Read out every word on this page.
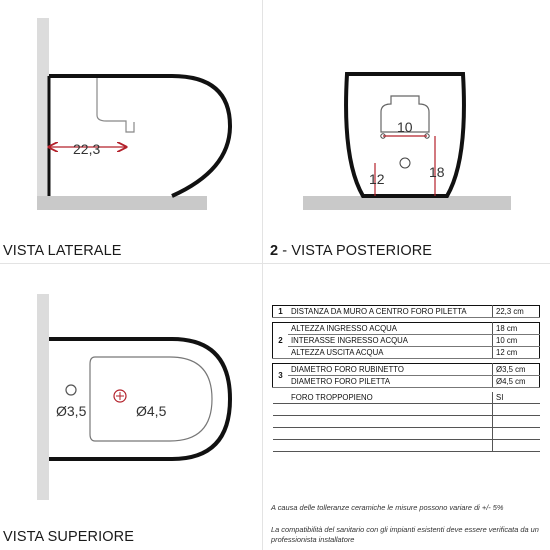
22,3
VISTA LATERALE
10
12	18
2 - VISTA POSTERIORE
Ø3,5	Ø4,5
VISTA SUPERIORE
1	DISTANZA DA MURO A CENTRO FORO PILETTA	22,3 cm

2	ALTEZZA INGRESSO ACQUA	18 cm
	INTERASSE INGRESSO ACQUA	10 cm
	ALTEZZA USCITA ACQUA	12 cm

3	DIAMETRO FORO RUBINETTO	Ø3,5 cm
	DIAMETRO FORO PILETTA	Ø4,5 cm

	FORO TROPPOPIENO	SI

A causa delle tolleranze ceramiche le misure possono variare di +/- 5%
La compatibilità del sanitario con gli impianti esistenti deve essere verificata da un professionista installatore
